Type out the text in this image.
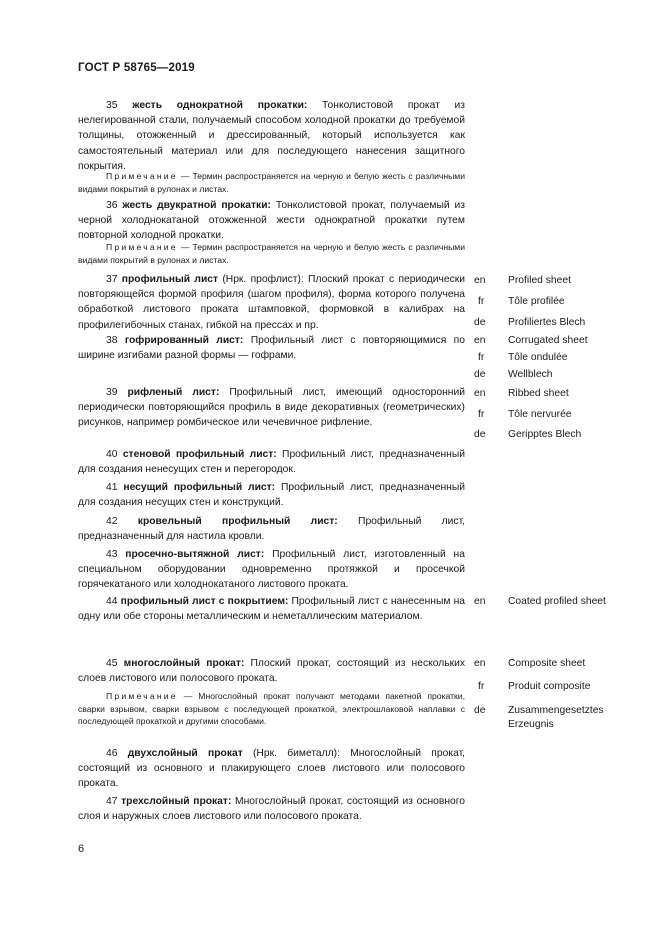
ГОСТ Р 58765—2019
35 жесть однократной прокатки: Тонколистовой прокат из нелегированной стали, получаемый способом холодной прокатки до требуемой толщины, отожженный и дрессированный, который используется как самостоятельный материал или для последующего нанесения защитного покрытия.
Примечание — Термин распространяется на черную и белую жесть с различными видами покрытий в рулонах и листах.
36 жесть двукратной прокатки: Тонколистовой прокат, получаемый из черной холоднокатаной отожженной жести однократной прокатки путем повторной холодной прокатки.
Примечание — Термин распространяется на черную и белую жесть с различными видами покрытий в рулонах и листах.
37 профильный лист (Нрк. профлист): Плоский прокат с периодически повторяющейся формой профиля (шагом профиля), форма которого получена обработкой листового проката штамповкой, формовкой в калибрах на профилегибочных станах, гибкой на прессах и пр.
en Profiled sheet
fr Tôle profilée
de Profiliertes Blech
38 гофрированный лист: Профильный лист с повторяющимися по ширине изгибами разной формы — гофрами.
en Corrugated sheet
fr Tôle ondulée
de Wellblech
39 рифленый лист: Профильный лист, имеющий односторонний периодически повторяющийся профиль в виде декоративных (геометрических) рисунков, например ромбическое или чечевичное рифление.
en Ribbed sheet
fr Tôle nervurée
de Geripptes Blech
40 стеновой профильный лист: Профильный лист, предназначенный для создания ненесущих стен и перегородок.
41 несущий профильный лист: Профильный лист, предназначенный для создания несущих стен и конструкций.
42 кровельный профильный лист: Профильный лист, предназначенный для настила кровли.
43 просечно-вытяжной лист: Профильный лист, изготовленный на специальном оборудовании одновременно протяжкой и просечкой горячекатаного или холоднокатаного листового проката.
44 профильный лист с покрытием: Профильный лист с нанесенным на одну или обе стороны металлическим и неметаллическим материалом.
en Coated profiled sheet
45 многослойный прокат: Плоский прокат, состоящий из нескольких слоев листового или полосового проката.
Примечание — Многослойный прокат получают методами пакетной прокатки, сварки взрывом, сварки взрывом с последующей прокаткой, электрошлаковой наплавки с последующей прокаткой и другими способами.
en Composite sheet
fr Produit composite
de Zusammengesetztes Erzeugnis
46 двухслойный прокат (Нрк. биметалл): Многослойный прокат, состоящий из основного и плакирующего слоев листового или полосового проката.
47 трехслойный прокат: Многослойный прокат, состоящий из основного слоя и наружных слоев листового или полосового проката.
6
